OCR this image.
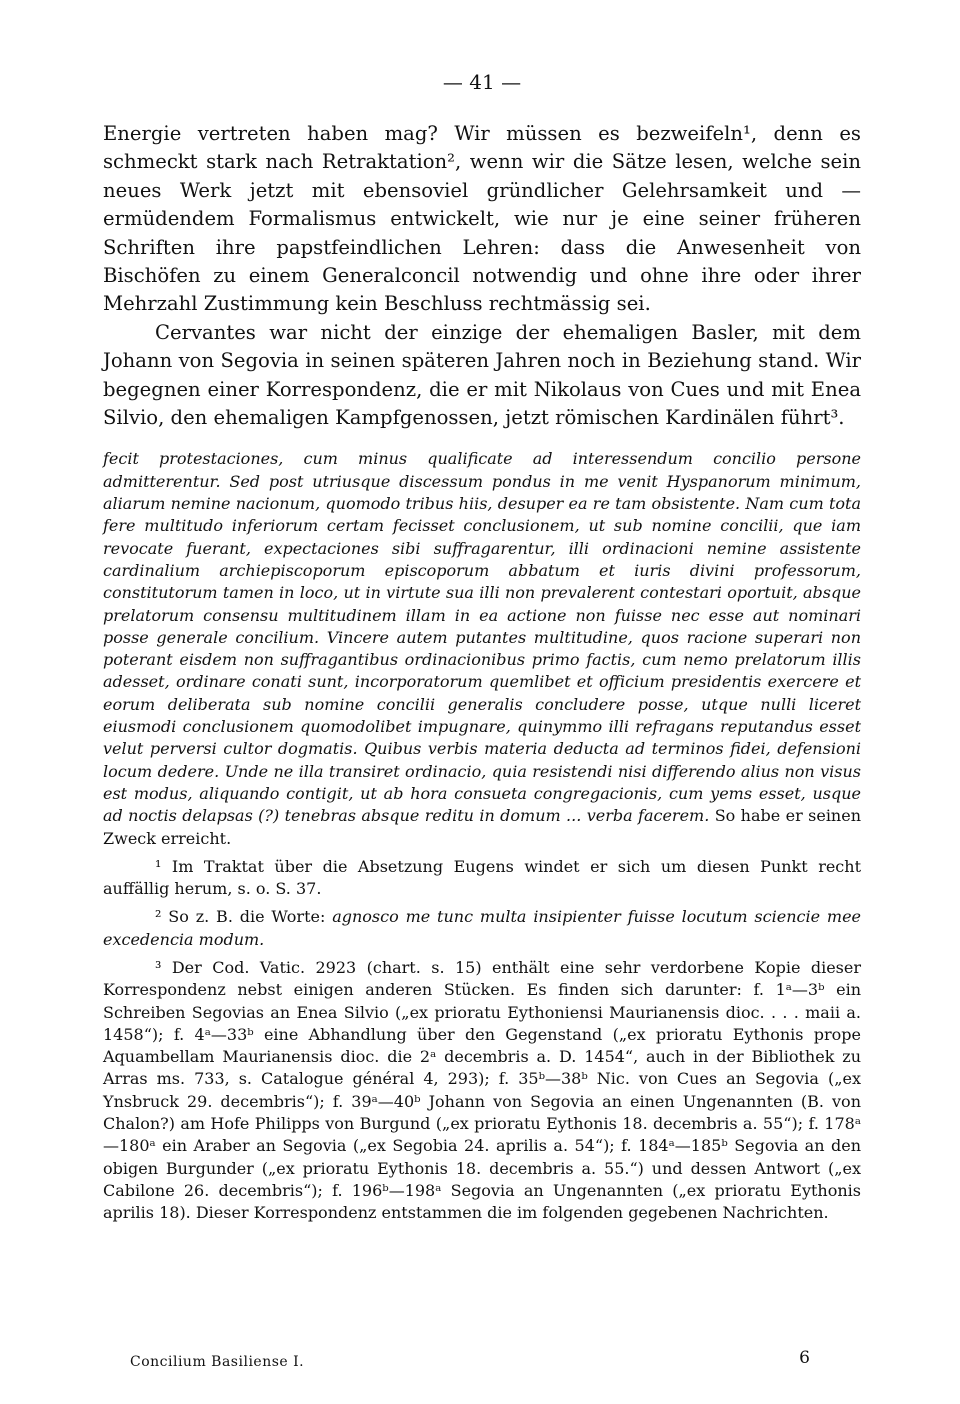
— 41 —

Energie vertreten haben mag? Wir müssen es bezweifeln¹, denn es schmeckt stark nach Retraktation², wenn wir die Sätze lesen, welche sein neues Werk jetzt mit ebensoviel gründlicher Gelehrsamkeit und — ermüdendem Formalismus entwickelt, wie nur je eine seiner früheren Schriften ihre papstfeindlichen Lehren: dass die Anwesenheit von Bischöfen zu einem Generalconcil notwendig und ohne ihre oder ihrer Mehrzahl Zustimmung kein Beschluss rechtmässig sei.

Cervantes war nicht der einzige der ehemaligen Basler, mit dem Johann von Segovia in seinen späteren Jahren noch in Beziehung stand. Wir begegnen einer Korrespondenz, die er mit Nikolaus von Cues und mit Enea Silvio, den ehemaligen Kampfgenossen, jetzt römischen Kardinälen führt³.

fecit protestaciones, cum minus qualificate ad interessendum concilio persone admitterentur. Sed post utriusque discessum pondus in me venit Hyspanorum minimum, aliarum nemine nacionum, quomodo tribus hiis, desuper ea re tam obsistente. Nam cum tota fere multitudo inferiorum certam fecisset conclusionem, ut sub nomine concilii, que iam revocate fuerant, expectaciones sibi suffragarentur, illi ordinacioni nemine assistente cardinalium archiepiscoporum episcoporum abbatum et iuris divini professorum, constitutorum tamen in loco, ut in virtute sua illi non prevalerent contestari oportuit, absque prelatorum consensu multitudinem illam in ea actione non fuisse nec esse aut nominari posse generale concilium. Vincere autem putantes multitudine, quos racione superari non poterant eisdem non suffragantibus ordinacionibus primo factis, cum nemo prelatorum illis adesset, ordinare conati sunt, incorporatorum quemlibet et officium presidentis exercere et eorum deliberata sub nomine concilii generalis concludere posse, utque nulli liceret eiusmodi conclusionem quomodolibet impugnare, quinymmo illi refragans reputandus esset velut perversi cultor dogmatis. Quibus verbis materia deducta ad terminos fidei, defensioni locum dedere. Unde ne illa transiret ordinacio, quia resistendi nisi differendo alius non visus est modus, aliquando contigit, ut ab hora consueta congregacionis, cum yems esset, usque ad noctis delapsas (?) tenebras absque reditu in domum ... verba facerem. So habe er seinen Zweck erreicht.

¹ Im Traktat über die Absetzung Eugens windet er sich um diesen Punkt recht auffällig herum, s. o. S. 37.

² So z. B. die Worte: agnosco me tunc multa insipienter fuisse locutum sciencie mee excedencia modum.

³ Der Cod. Vatic. 2923 (chart. s. 15) enthält eine sehr verdorbene Kopie dieser Korrespondenz nebst einigen anderen Stücken. Es finden sich darunter: f. 1ᵃ—3ᵇ ein Schreiben Segovias an Enea Silvio („ex prioratu Eythoniensi Maurianensis dioc. . . . maii a. 1458“); f. 4ᵃ—33ᵇ eine Abhandlung über den Gegenstand („ex prioratu Eythonis prope Aquambellam Maurianensis dioc. die 2ᵃ decembris a. D. 1454“, auch in der Bibliothek zu Arras ms. 733, s. Catalogue général 4, 293); f. 35ᵇ—38ᵇ Nic. von Cues an Segovia („ex Ynsbruck 29. decembris“); f. 39ᵃ—40ᵇ Johann von Segovia an einen Ungenannten (B. von Chalon?) am Hofe Philipps von Burgund („ex prioratu Eythonis 18. decembris a. 55“); f. 178ᵃ—180ᵃ ein Araber an Segovia („ex Segobia 24. aprilis a. 54“); f. 184ᵃ—185ᵇ Segovia an den obigen Burgunder („ex prioratu Eythonis 18. decembris a. 55.“) und dessen Antwort („ex Cabilone 26. decembris“); f. 196ᵇ—198ᵃ Segovia an Ungenannten („ex prioratu Eythonis aprilis 18). Dieser Korrespondenz entstammen die im folgenden gegebenen Nachrichten.

Concilium Basiliense I.	6
